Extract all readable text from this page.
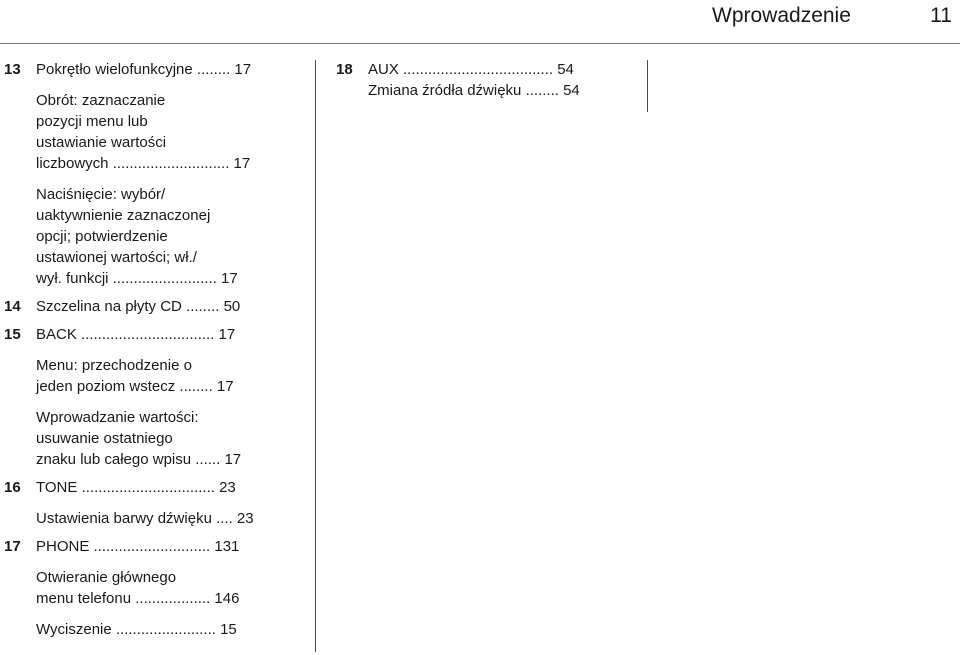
Wprowadzenie	11
13	Pokrętło wielofunkcyjne ........ 17
Obrót: zaznaczanie
pozycji menu lub
ustawianie wartości
liczbowych ............................ 17
Naciśnięcie: wybór/
uaktywnienie zaznaczonej
opcji; potwierdzenie
ustawionej wartości; wł./
wył. funkcji ......................... 17
14	Szczelina na płyty CD ........ 50
15	BACK ................................ 17
Menu: przechodzenie o
jeden poziom wstecz ........ 17
Wprowadzanie wartości:
usuwanie ostatniego
znaku lub całego wpisu ...... 17
16	TONE ................................ 23
Ustawienia barwy dźwięku .... 23
17	PHONE ............................ 131
Otwieranie głównego
menu telefonu .................. 146
Wyciszenie ........................ 15
18	AUX .................................... 54
Zmiana źródła dźwięku ........ 54
